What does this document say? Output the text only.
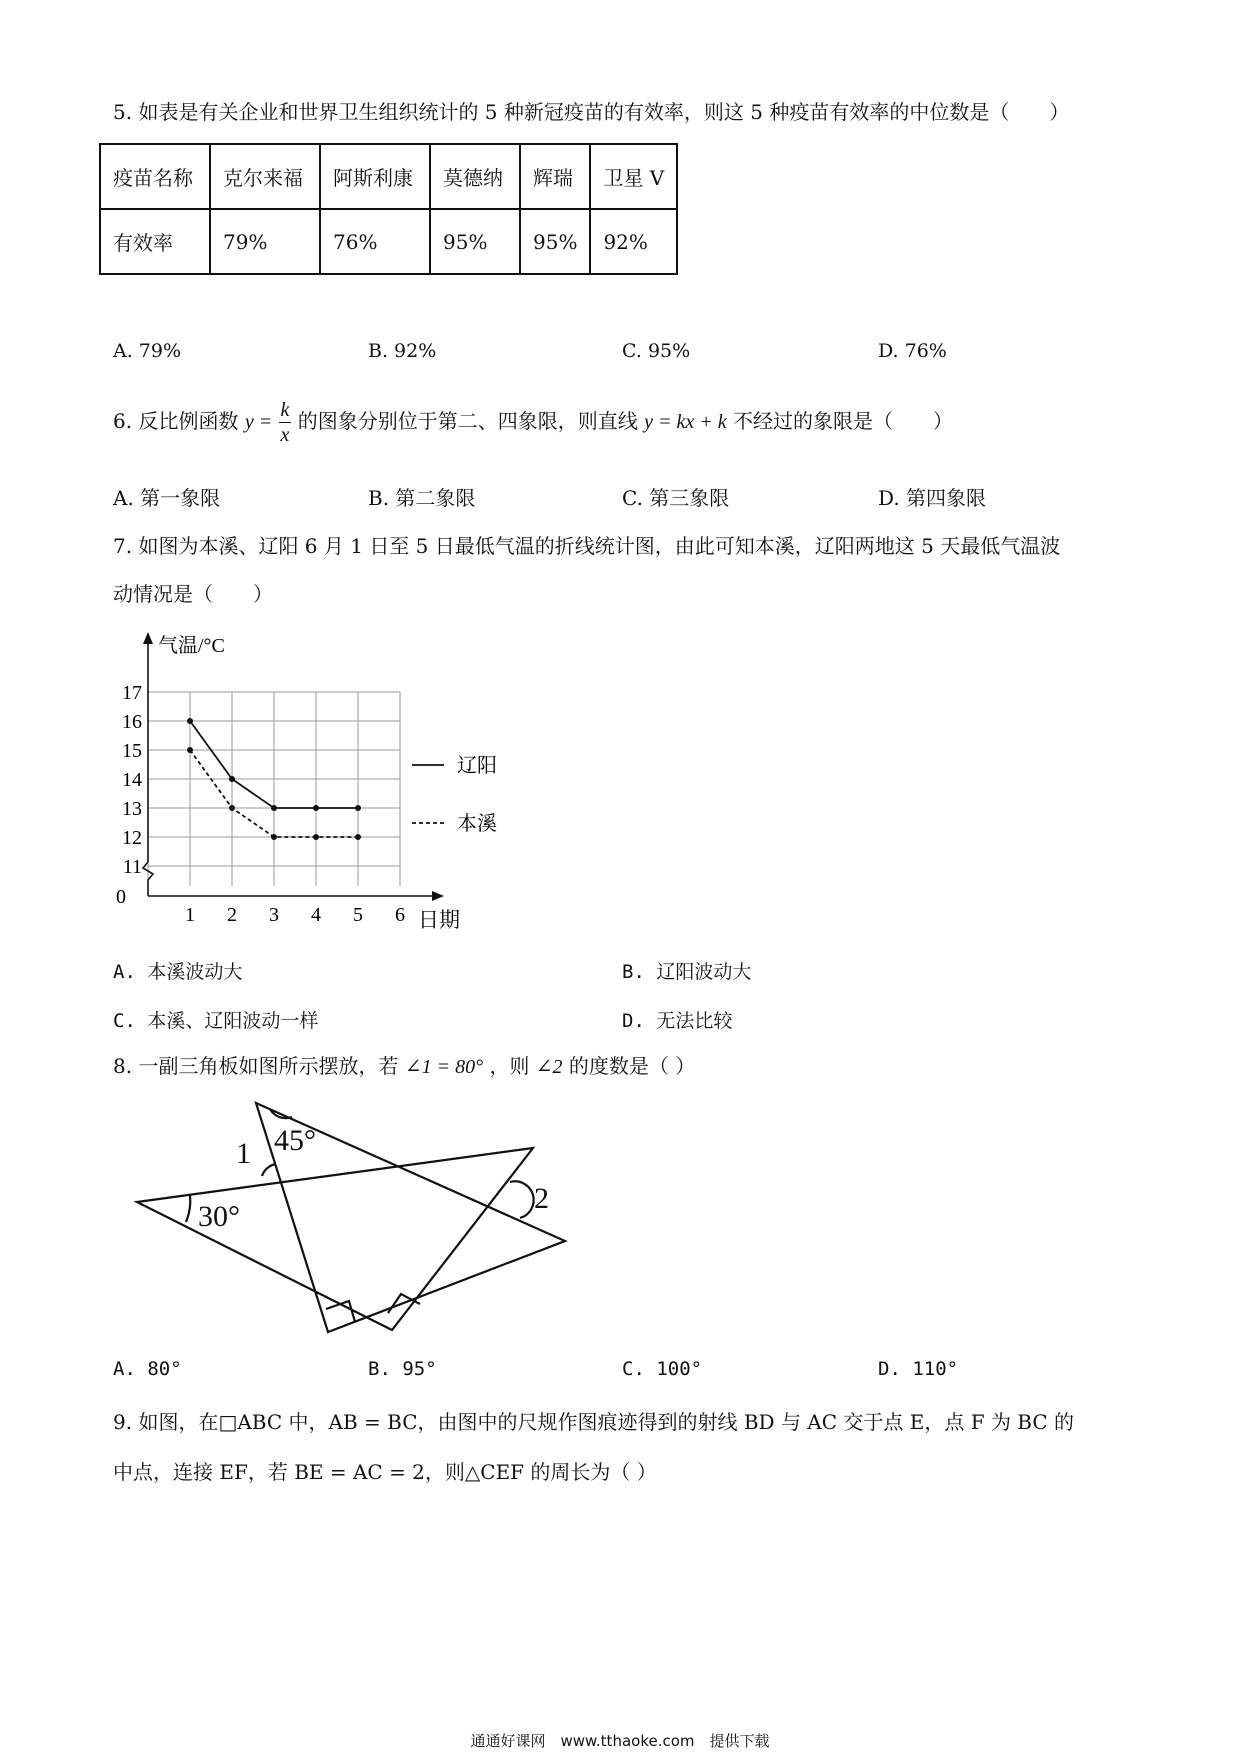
5. 如表是有关企业和世界卫生组织统计的 5 种新冠疫苗的有效率，则这 5 种疫苗有效率的中位数是（　　）
疫苗名称	克尔来福	阿斯利康	莫德纳	辉瑞	卫星 V
有效率	79%	76%	95%	95%	92%
A. 79%	B. 92%	C. 95%	D. 76%
6. 反比例函数 $y = \frac{k}{x}$ 的图象分别位于第二、四象限，则直线 y = kx + k 不经过的象限是（　　）
A. 第一象限	B. 第二象限	C. 第三象限	D. 第四象限
7. 如图为本溪、辽阳 6 月 1 日至 5 日最低气温的折线统计图，由此可知本溪，辽阳两地这 5 天最低气温波
动情况是（　　）
气温/°C
17
16
15
14
13
12
11
0
1 2 3 4 5 6 日期
辽阳
本溪
A. 本溪波动大	B. 辽阳波动大
C. 本溪、辽阳波动一样	D. 无法比较
8. 一副三角板如图所示摆放，若 ∠1 = 80° ，则 ∠2 的度数是（ ）
45°
30°
1
2
A. 80°	B. 95°	C. 100°	D. 110°
9. 如图，在□ABC 中，AB = BC，由图中的尺规作图痕迹得到的射线 BD 与 AC 交于点 E，点 F 为 BC 的
中点，连接 EF，若 BE = AC = 2，则△CEF 的周长为（ ）
通通好课网　www.tthaoke.com　提供下载
